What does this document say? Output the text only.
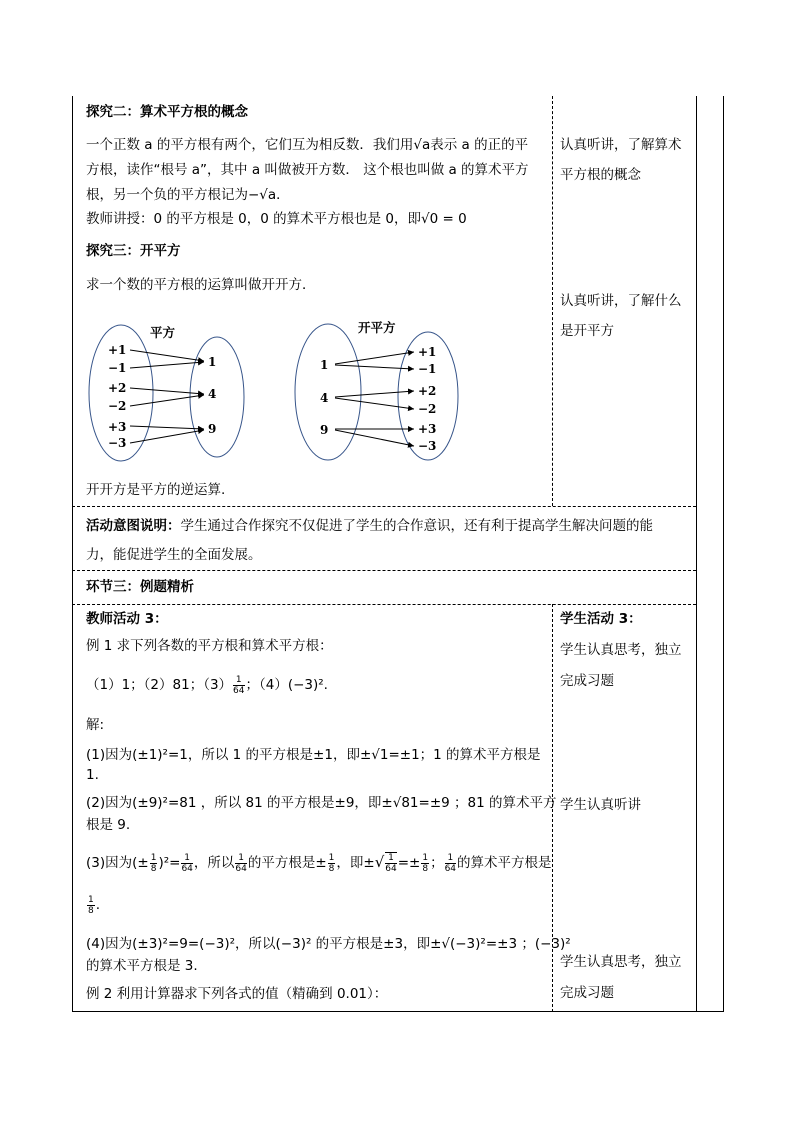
探究二：算术平方根的概念
一个正数 a 的平方根有两个，它们互为相反数．我们用√a表示 a 的正的平
方根，读作“根号 a”，其中 a 叫做被开方数． 这个根也叫做 a 的算术平方
根，另一个负的平方根记为−√a．
教师讲授：0 的平方根是 0，0 的算术平方根也是 0，即√0 = 0
探究三：开平方
求一个数的平方根的运算叫做开开方．
平方
+1
−1
+2
−2
+3
−3
1
4
9
开平方
1
4
9
+1
−1
+2
−2
+3
−3
开开方是平方的逆运算.
认真听讲，了解算术
平方根的概念
认真听讲，了解什么
是开平方
活动意图说明：学生通过合作探究不仅促进了学生的合作意识，还有利于提高学生解决问题的能
力，能促进学生的全面发展。
环节三：例题精析
教师活动 3：
例 1 求下列各数的平方根和算术平方根：
（1）1；（2）81；$(3) \frac{1}{64}$ ；（4）(−3)².
解:
(1)因为(±1)²=1，所以 1 的平方根是±1，即±√1=±1；1 的算术平方根是
1.
(2)因为(±9)²=81 ，所以 81 的平方根是±9，即±√81=±9 ；81 的算术平方
根是 9.
(3)因为(± $\frac{1}{8} )^2= \frac{1}{64}$ ，所以 $\frac{1}{64}$ 的平方根是± $\frac{1}{8}$ ，即±√ $\frac{1}{64} =\pm \frac{1}{8}$ ； $\frac{1}{64}$ 的算术平方根是
$\frac{1}{8}$ .
(4)因为(±3)²=9=(−3)²，所以(−3)² 的平方根是±3，即±√(−3)²=±3 ；(−3)²
的算术平方根是 3.
例 2 利用计算器求下列各式的值（精确到 0.01）：
学生活动 3：
学生认真思考，独立
完成习题
学生认真听讲
学生认真思考，独立
完成习题
